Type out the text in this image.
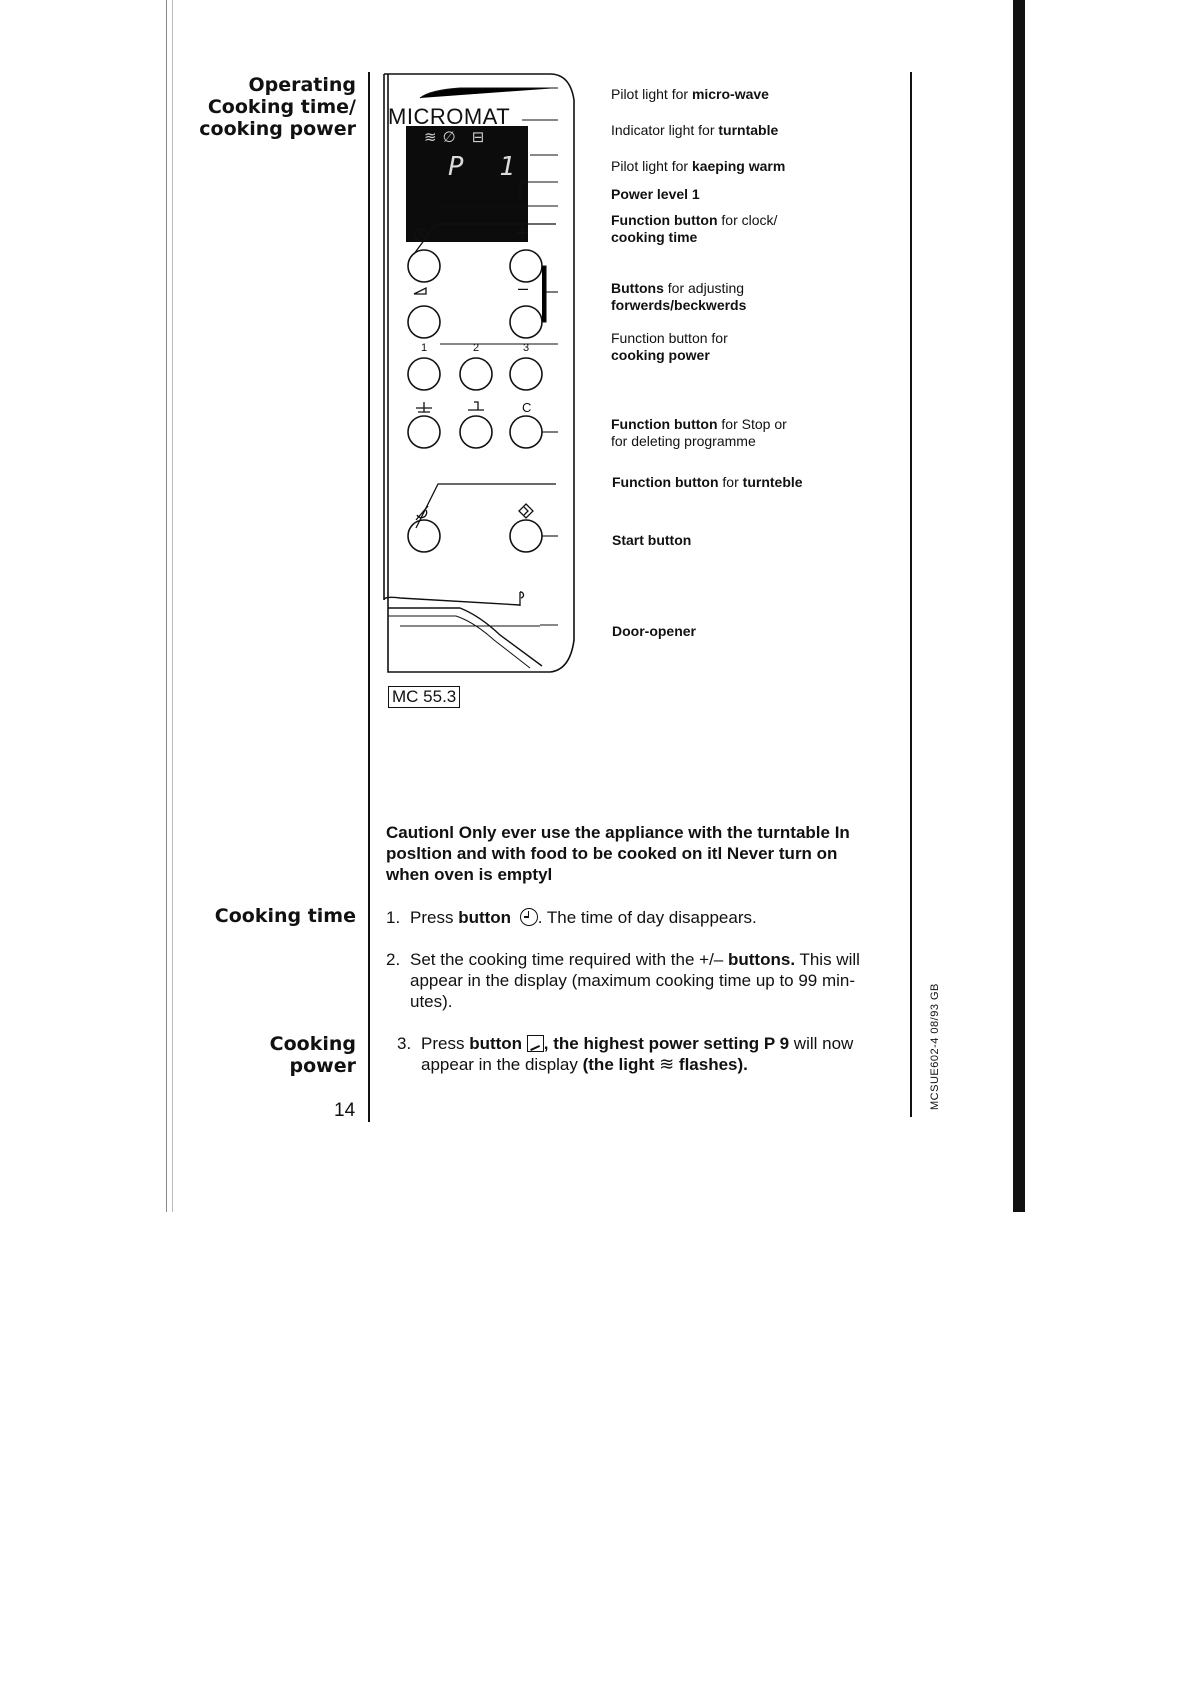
Operating
Cooking time/
cooking power
Cooking time
Cooking
power
14
MICROMAT
P 1
≋∅ ⊟
+
–
1	2	3
C
MC 55.3
Pilot light for micro-wave
Indicator light for turntable
Pilot light for kaeping warm
Power level 1
Function button for clock/
cooking time
Buttons for adjusting
forwerds/beckwerds
Function button for
cooking power
Function button for Stop or
for deleting programme
Function button for turnteble
Start button
Door-opener
Cautionl Only ever use the appliance with the turntable In
posltion and with food to be cooked on itl Never turn on
when oven is emptyl
1. Press button . The time of day disappears.
2. Set the cooking time required with the +/– buttons. This will
appear in the display (maximum cooking time up to 99 min-
utes).
3. Press button , the highest power setting P 9 will now
appear in the display (the light ≋ flashes).	MCSUE602-4 08/93 GB
